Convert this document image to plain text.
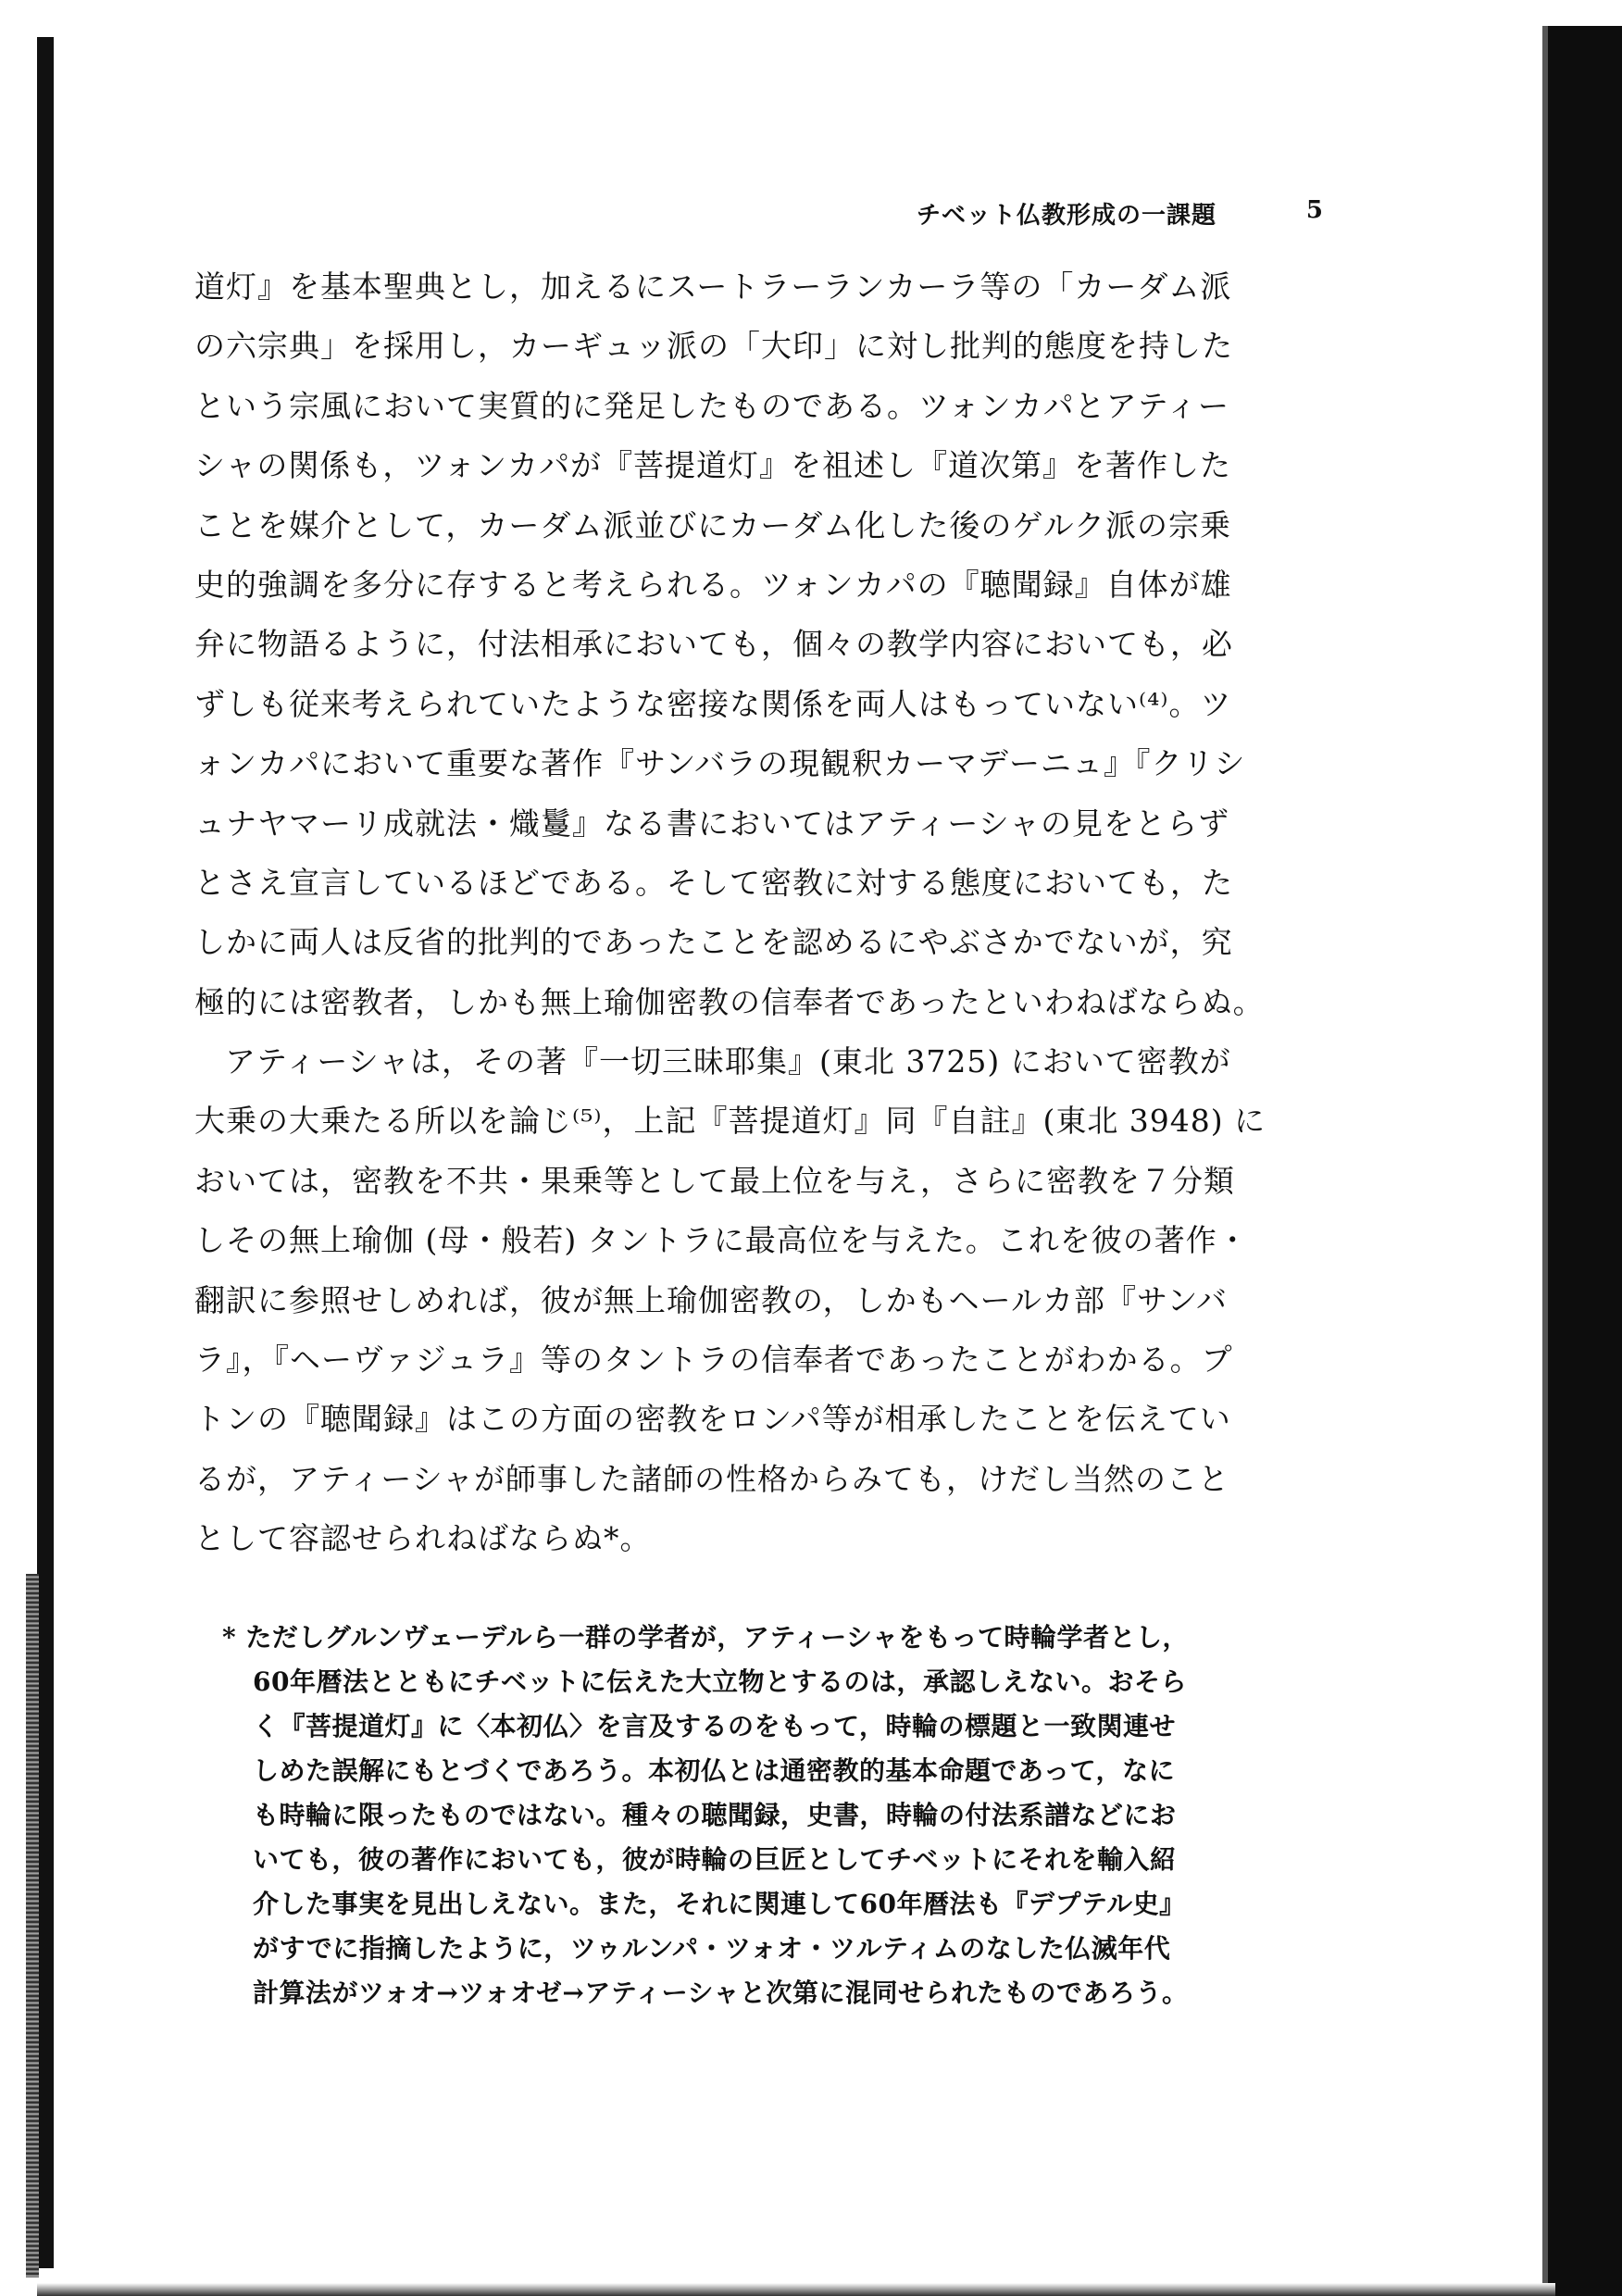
チベット仏教形成の一課題	5
道灯』を基本聖典とし，加えるにスートラーランカーラ等の「カーダム派
の六宗典」を採用し，カーギュッ派の「大印」に対し批判的態度を持した
という宗風において実質的に発足したものである。ツォンカパとアティー
シャの関係も，ツォンカパが『菩提道灯』を祖述し『道次第』を著作した
ことを媒介として，カーダム派並びにカーダム化した後のゲルク派の宗乗
史的強調を多分に存すると考えられる。ツォンカパの『聴聞録』自体が雄
弁に物語るように，付法相承においても，個々の教学内容においても，必
ずしも従来考えられていたような密接な関係を両人はもっていない⁽⁴⁾。ツ
ォンカパにおいて重要な著作『サンバラの現観釈カーマデーニュ』『クリシ
ュナヤマーリ成就法・熾鬘』なる書においてはアティーシャの見をとらず
とさえ宣言しているほどである。そして密教に対する態度においても，た
しかに両人は反省的批判的であったことを認めるにやぶさかでないが，究
極的には密教者，しかも無上瑜伽密教の信奉者であったといわねばならぬ。
アティーシャは，その著『一切三昧耶集』(東北 3725) において密教が
大乗の大乗たる所以を論じ⁽⁵⁾，上記『菩提道灯』同『自註』(東北 3948) に
おいては，密教を不共・果乗等として最上位を与え，さらに密教を７分類
しその無上瑜伽 (母・般若) タントラに最高位を与えた。これを彼の著作・
翻訳に参照せしめれば，彼が無上瑜伽密教の，しかもヘールカ部『サンバ
ラ』，『ヘーヴァジュラ』等のタントラの信奉者であったことがわかる。プ
トンの『聴聞録』はこの方面の密教をロンパ等が相承したことを伝えてい
るが，アティーシャが師事した諸師の性格からみても，けだし当然のこと
として容認せられねばならぬ*。
* ただしグルンヴェーデルら一群の学者が，アティーシャをもって時輪学者とし，
60年暦法とともにチベットに伝えた大立物とするのは，承認しえない。おそら
く『菩提道灯』に〈本初仏〉を言及するのをもって，時輪の標題と一致関連せ
しめた誤解にもとづくであろう。本初仏とは通密教的基本命題であって，なに
も時輪に限ったものではない。種々の聴聞録，史書，時輪の付法系譜などにお
いても，彼の著作においても，彼が時輪の巨匠としてチベットにそれを輸入紹
介した事実を見出しえない。また，それに関連して60年暦法も『デプテル史』
がすでに指摘したように，ツゥルンパ・ツォオ・ツルティムのなした仏滅年代
計算法がツォオ→ツォオゼ→アティーシャと次第に混同せられたものであろう。
